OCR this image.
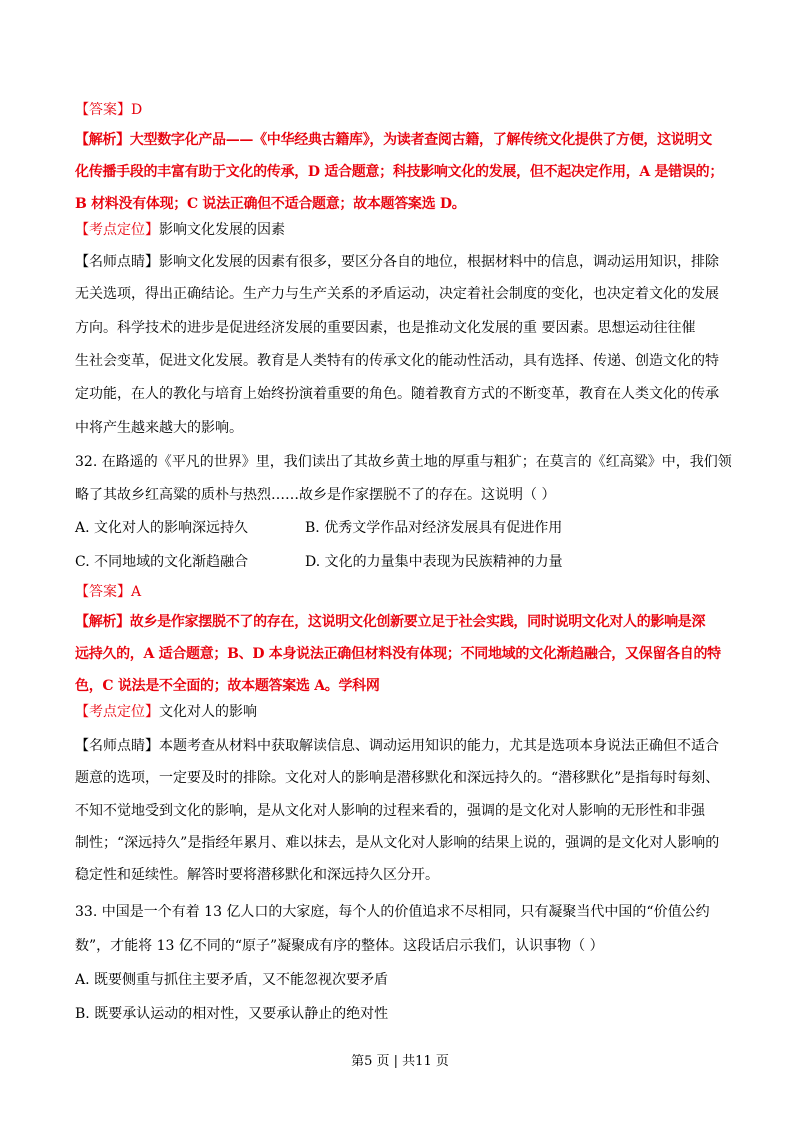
【答案】D
【解析】大型数字化产品——《中华经典古籍库》，为读者查阅古籍，了解传统文化提供了方便，这说明文
化传播手段的丰富有助于文化的传承，D 适合题意；科技影响文化的发展，但不起决定作用，A 是错误的；
B 材料没有体现；C 说法正确但不适合题意；故本题答案选 D。
【考点定位】影响文化发展的因素
【名师点睛】影响文化发展的因素有很多，要区分各自的地位，根据材料中的信息，调动运用知识，排除
无关选项，得出正确结论。生产力与生产关系的矛盾运动，决定着社会制度的变化，也决定着文化的发展
方向。科学技术的进步是促进经济发展的重要因素，也是推动文化发展的重 要因素。思想运动往往催
生社会变革，促进文化发展。教育是人类特有的传承文化的能动性活动，具有选择、传递、创造文化的特
定功能，在人的教化与培育上始终扮演着重要的角色。随着教育方式的不断变革，教育在人类文化的传承
中将产生越来越大的影响。
32. 在路遥的《平凡的世界》里，我们读出了其故乡黄土地的厚重与粗犷；在莫言的《红高粱》中，我们领
略了其故乡红高粱的质朴与热烈……故乡是作家摆脱不了的存在。这说明（ ）
A. 文化对人的影响深远持久	B. 优秀文学作品对经济发展具有促进作用
C. 不同地域的文化渐趋融合	D. 文化的力量集中表现为民族精神的力量
【答案】A
【解析】故乡是作家摆脱不了的存在，这说明文化创新要立足于社会实践，同时说明文化对人的影响是深
远持久的，A 适合题意；B、D 本身说法正确但材料没有体现；不同地域的文化渐趋融合，又保留各自的特
色，C 说法是不全面的；故本题答案选 A。学科网
【考点定位】文化对人的影响
【名师点睛】本题考查从材料中获取解读信息、调动运用知识的能力，尤其是选项本身说法正确但不适合
题意的选项，一定要及时的排除。文化对人的影响是潜移默化和深远持久的。“潜移默化”是指每时每刻、
不知不觉地受到文化的影响，是从文化对人影响的过程来看的，强调的是文化对人影响的无形性和非强
制性；“深远持久”是指经年累月、难以抹去，是从文化对人影响的结果上说的，强调的是文化对人影响的
稳定性和延续性。解答时要将潜移默化和深远持久区分开。
33. 中国是一个有着 13 亿人口的大家庭，每个人的价值追求不尽相同，只有凝聚当代中国的“价值公约
数”，才能将 13 亿不同的“原子”凝聚成有序的整体。这段话启示我们，认识事物（ ）
A. 既要侧重与抓住主要矛盾，又不能忽视次要矛盾
B. 既要承认运动的相对性，又要承认静止的绝对性
第5 页 | 共11 页
